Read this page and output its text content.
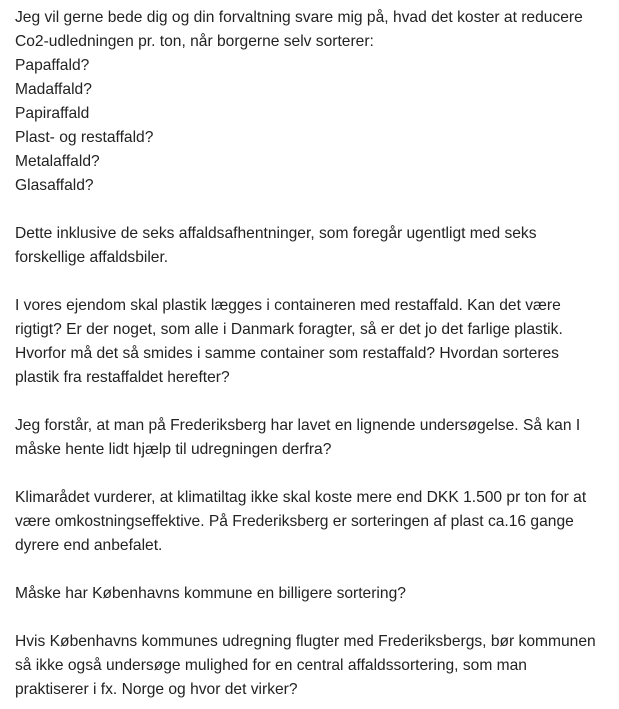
Jeg vil gerne bede dig og din forvaltning svare mig på, hvad det koster at reducere
Co2-udledningen pr. ton, når borgerne selv sorterer:
Papaffald?
Madaffald?
Papiraffald
Plast- og restaffald?
Metalaffald?
Glasaffald?
Dette inklusive de seks affaldsafhentninger, som foregår ugentligt med seks
forskellige affaldsbiler.
I vores ejendom skal plastik lægges i containeren med restaffald. Kan det være
rigtigt? Er der noget, som alle i Danmark foragter, så er det jo det farlige plastik.
Hvorfor må det så smides i samme container som restaffald? Hvordan sorteres
plastik fra restaffaldet herefter?
Jeg forstår, at man på Frederiksberg har lavet en lignende undersøgelse. Så kan I
måske hente lidt hjælp til udregningen derfra?
Klimarådet vurderer, at klimatiltag ikke skal koste mere end DKK 1.500 pr ton for at
være omkostningseffektive. På Frederiksberg er sorteringen af plast ca.16 gange
dyrere end anbefalet.
Måske har Københavns kommune en billigere sortering?
Hvis Københavns kommunes udregning flugter med Frederiksbergs, bør kommunen
så ikke også undersøge mulighed for en central affaldssortering, som man
praktiserer i fx. Norge og hvor det virker?
